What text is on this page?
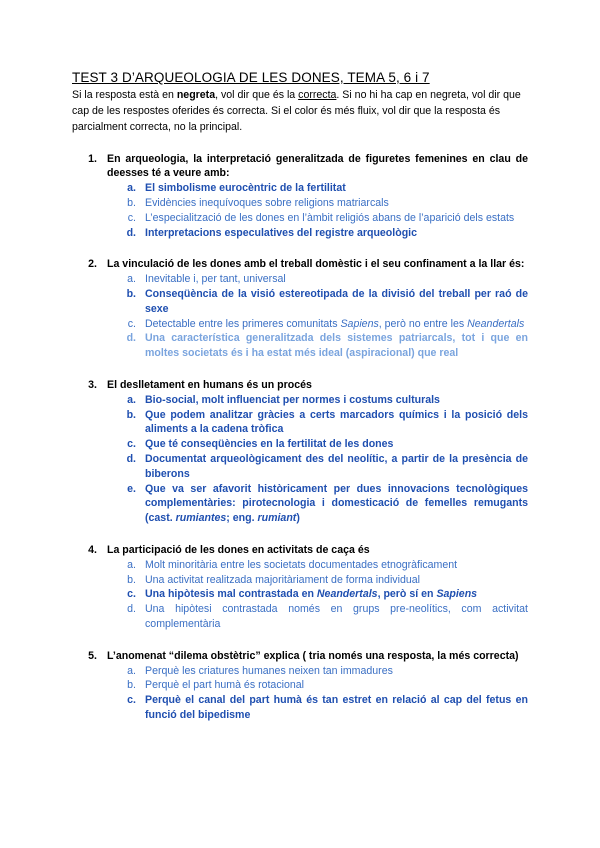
TEST 3 D’ARQUEOLOGIA DE LES DONES, TEMA 5, 6 i 7

Si la resposta està en negreta, vol dir que és la correcta. Si no hi ha cap en negreta, vol dir que cap de les respostes oferides és correcta. Si el color és més fluix, vol dir que la resposta és parcialment correcta, no la principal.

1. En arqueologia, la interpretació generalitzada de figuretes femenines en clau de deesses té a veure amb:
a. El simbolisme eurocèntric de la fertilitat
b. Evidències inequívoques sobre religions matriarcals
c. L’especialització de les dones en l’àmbit religiós abans de l’aparició dels estats
d. Interpretacions especulatives del registre arqueològic
2. La vinculació de les dones amb el treball domèstic i el seu confinament a la llar és:
a. Inevitable i, per tant, universal
b. Conseqüència de la visió estereotipada de la divisió del treball per raó de sexe
c. Detectable entre les primeres comunitats Sapiens, però no entre les Neandertals
d. Una característica generalitzada dels sistemes patriarcals, tot i que en moltes societats és i ha estat més ideal (aspiracional) que real
3. El deslletament en humans és un procés
a. Bio-social, molt influenciat per normes i costums culturals
b. Que podem analitzar gràcies a certs marcadors químics i la posició dels aliments a la cadena tròfica
c. Que té conseqüències en la fertilitat de les dones
d. Documentat arqueològicament des del neolític, a partir de la presència de biberons
e. Que va ser afavorit històricament per dues innovacions tecnològiques complementàries: pirotecnologia i domesticació de femelles remugants (cast. rumiantes; eng. rumiant)
4. La participació de les dones en activitats de caça és
a. Molt minoritària entre les societats documentades etnogràficament
b. Una activitat realitzada majoritàriament de forma individual
c. Una hipòtesis mal contrastada en Neandertals, però sí en Sapiens
d. Una hipòtesi contrastada només en grups pre-neolítics, com activitat complementària
5. L’anomenat “dilema obstètric” explica ( tria només una resposta, la més correcta)
a. Perquè les criatures humanes neixen tan immadures
b. Perquè el part humà és rotacional
c. Perquè el canal del part humà és tan estret en relació al cap del fetus en funció del bipedisme
